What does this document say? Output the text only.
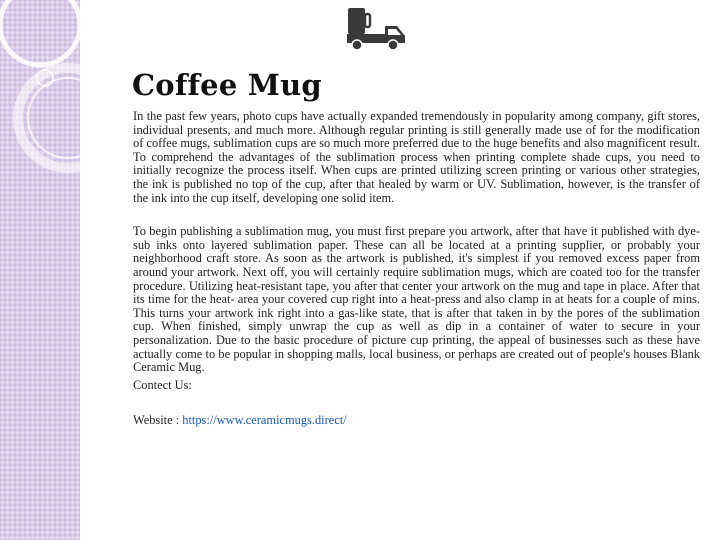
Coffee Mug

In the past few years, photo cups have actually expanded tremendously in popularity among company, gift stores, individual presents, and much more. Although regular printing is still generally made use of for the modification of coffee mugs, sublimation cups are so much more preferred due to the huge benefits and also magnificent result. To comprehend the advantages of the sublimation process when printing complete shade cups, you need to initially recognize the process itself. When cups are printed utilizing screen printing or various other strategies, the ink is published no top of the cup, after that healed by warm or UV. Sublimation, however, is the transfer of the ink into the cup itself, developing one solid item.

To begin publishing a sublimation mug, you must first prepare you artwork, after that have it published with dye-sub inks onto layered sublimation paper. These can all be located at a printing supplier, or probably your neighborhood craft store. As soon as the artwork is published, it's simplest if you removed excess paper from around your artwork. Next off, you will certainly require sublimation mugs, which are coated too for the transfer procedure. Utilizing heat-resistant tape, you after that center your artwork on the mug and tape in place. After that its time for the heat- area your covered cup right into a heat-press and also clamp in at heats for a couple of mins. This turns your artwork ink right into a gas-like state, that is after that taken in by the pores of the sublimation cup. When finished, simply unwrap the cup as well as dip in a container of water to secure in your personalization. Due to the basic procedure of picture cup printing, the appeal of businesses such as these have actually come to be popular in shopping malls, local business, or perhaps are created out of people's houses Blank Ceramic Mug.

Contect Us:

Website : https://www.ceramicmugs.direct/
